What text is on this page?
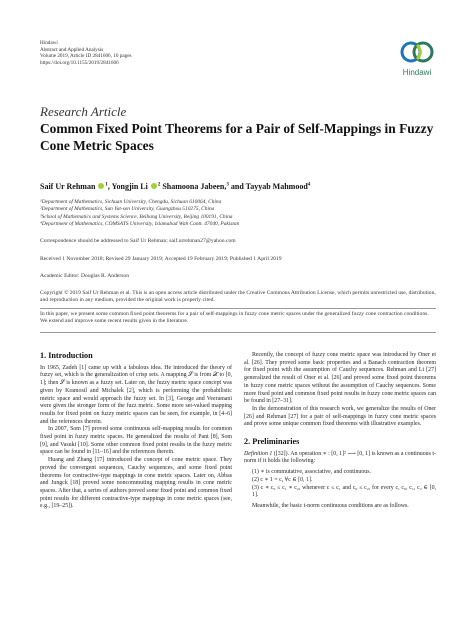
Hindawi
Abstract and Applied Analysis
Volume 2019, Article ID 2841606, 10 pages
https://doi.org/10.1155/2019/2841606
Hindawi
Research Article
Common Fixed Point Theorems for a Pair of Self-Mappings in Fuzzy Cone Metric Spaces
Saif Ur Rehman $^1$, Yongjin Li $^2$ Shamoona Jabeen,$^3$ and Tayyab Mahmood$^4$
¹Department of Mathematics, Sichuan University, Chengdu, Sichuan 610064, China
²Department of Mathematics, Sun Yat-sen University, Guangzhou 510275, China
³School of Mathematics and Systems Science, Beihang University, Beijing 100191, China
⁴Department of Mathematics, COMSATS University, Islamabad Wah Cantt. 47040, Pakistan
Correspondence should be addressed to Saif Ur Rehman; saif.urrehman27@yahoo.com
Received 1 November 2018; Revised 29 January 2019; Accepted 19 February 2019; Published 1 April 2019
Academic Editor: Douglas R. Anderson
Copyright © 2019 Saif Ur Rehman et al. This is an open access article distributed under the Creative Commons Attribution License, which permits unrestricted use, distribution, and reproduction in any medium, provided the original work is properly cited.
In this paper, we present some common fixed point theorems for a pair of self-mappings in fuzzy cone metric spaces under the generalized fuzzy cone contraction conditions. We extend and improve some recent results given in the literature.
1. Introduction

In 1965, Zadeh [1] came up with a fabulous idea. He introduced the theory of fuzzy set, which is the generalization of crisp sets. A mapping 𝒮 is from 𝒳 to [0, 1]; then 𝒮 is known as a fuzzy set. Later on, the fuzzy metric space concept was given by Kramosil and Michalek [2], which is performing the probabilistic metric space and would approach the fuzzy set. In [3], George and Veeramani were given the stronger form of the fuzz metric. Some more set-valued mapping results for fixed point on fuzzy metric spaces can be seen, for example, in [4–6] and the references therein.

In 2007, Som [7] proved some continuous self-mapping results for common fixed point in fuzzy metric spaces. He generalized the results of Pant [8], Som [9], and Vasuki [10]. Some other common fixed point results in the fuzzy metric space can be found in [11–16] and the references therein.

Huang and Zhang [17] introduced the concept of cone metric space. They proved the convergent sequences, Cauchy sequences, and some fixed point theorems for contractive-type mappings in cone metric spaces. Later on, Abbas and Jungck [18] proved some noncommuting mapping results in cone metric spaces. After that, a series of authors proved some fixed point and common fixed point results for different contractive-type mappings in cone metric spaces (see, e.g., [19–25]).

Recently, the concept of fuzzy cone metric space was introduced by Oner et al. [26]. They proved some basic properties and a Banach contraction theorem for fixed point with the assumption of Cauchy sequences. Rehman and Li [27] generalized the result of Oner et al. [26] and proved some fixed point theorems in fuzzy cone metric spaces without the assumption of Cauchy sequences. Some more fixed point and common fixed point results in fuzzy cone metric spaces can be found in [27–31].

In the demonstration of this research work, we generalize the results of Oner [26] and Rehman [27] for a pair of self-mappings in fuzzy cone metric spaces and prove some unique common fixed theorems with illustrative examples.

2. Preliminaries

Definition 1 ([32]). An operation ∗ : [0, 1]² ⟶ [0, 1] is known as a continuous t-norm if it holds the following:

(1) ∗ is commutative, associative, and continuous.
(2) c ∗ 1 = c, ∀c ∈ [0, 1].
(3) c ∗ c₀ ≤ c₁ ∗ c₂, whenever c ≤ c₁ and c₀ ≤ c₂, for every c, c₀, c₁, c₂ ∈ [0, 1].

Meanwhile, the basic t-norm continuous conditions are as follows.
